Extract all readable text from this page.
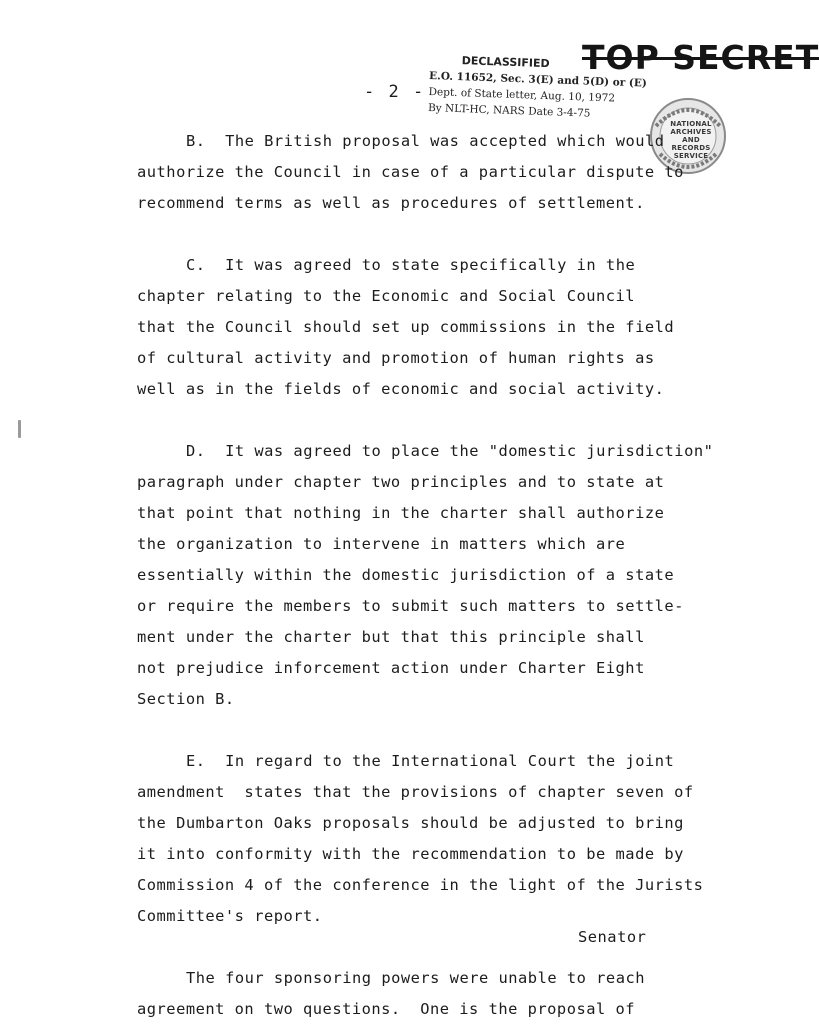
- 2 -
TOP SECRET
DECLASSIFIED
E.O. 11652, Sec. 3(E) and 5(D) or (E)
Dept. of State letter, Aug. 10, 1972
By NLT-HC, NARS Date 3-4-75
NATIONAL
ARCHIVES AND
RECORDS
SERVICE
B.  The British proposal was accepted which would
authorize the Council in case of a particular dispute to
recommend terms as well as procedures of settlement.
C.  It was agreed to state specifically in the
chapter relating to the Economic and Social Council
that the Council should set up commissions in the field
of cultural activity and promotion of human rights as
well as in the fields of economic and social activity.
D.  It was agreed to place the "domestic jurisdiction"
paragraph under chapter two principles and to state at
that point that nothing in the charter shall authorize
the organization to intervene in matters which are
essentially within the domestic jurisdiction of a state
or require the members to submit such matters to settle-
ment under the charter but that this principle shall
not prejudice inforcement action under Charter Eight
Section B.
E.  In regard to the International Court the joint
amendment  states that the provisions of chapter seven of
the Dumbarton Oaks proposals should be adjusted to bring
it into conformity with the recommendation to be made by
Commission 4 of the conference in the light of the Jurists
Committee's report.
The four sponsoring powers were unable to reach
agreement on two questions.  One is the proposal of
Senator
